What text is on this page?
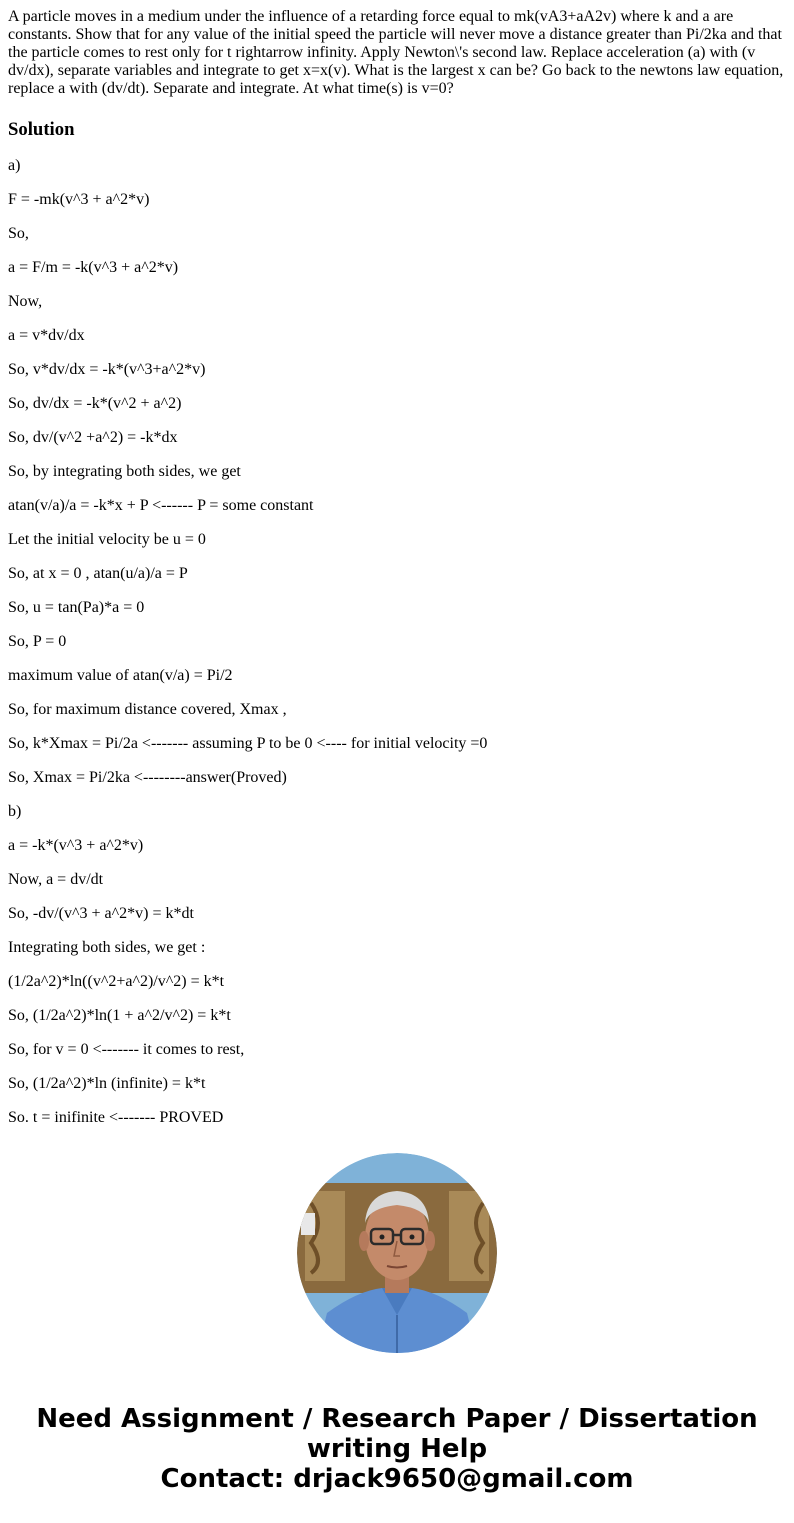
A particle moves in a medium under the influence of a retarding force equal to mk(vA3+aA2v) where k and a are constants. Show that for any value of the initial speed the particle will never move a distance greater than Pi/2ka and that the particle comes to rest only for t rightarrow infinity. Apply Newton\'s second law. Replace acceleration (a) with (v dv/dx), separate variables and integrate to get x=x(v). What is the largest x can be? Go back to the newtons law equation, replace a with (dv/dt). Separate and integrate. At what time(s) is v=0?

Solution

a)

F = -mk(v^3 + a^2*v)

So,

a = F/m = -k(v^3 + a^2*v)

Now,

a = v*dv/dx

So, v*dv/dx = -k*(v^3+a^2*v)

So, dv/dx = -k*(v^2 + a^2)

So, dv/(v^2 +a^2) = -k*dx

So, by integrating both sides, we get

atan(v/a)/a = -k*x + P <------ P = some constant

Let the initial velocity be u = 0

So, at x = 0 , atan(u/a)/a = P

So, u = tan(Pa)*a = 0

So, P = 0

maximum value of atan(v/a) = Pi/2

So, for maximum distance covered, Xmax ,

So, k*Xmax = Pi/2a <------- assuming P to be 0 <---- for initial velocity =0

So, Xmax = Pi/2ka <--------answer(Proved)

b)

a = -k*(v^3 + a^2*v)

Now, a = dv/dt

So, -dv/(v^3 + a^2*v) = k*dt

Integrating both sides, we get :

(1/2a^2)*ln((v^2+a^2)/v^2) = k*t

So, (1/2a^2)*ln(1 + a^2/v^2) = k*t

So, for v = 0 <------- it comes to rest,

So, (1/2a^2)*ln (infinite) = k*t

So. t = inifinite <------- PROVED

Need Assignment / Research Paper / Dissertation
writing Help
Contact: drjack9650@gmail.com
